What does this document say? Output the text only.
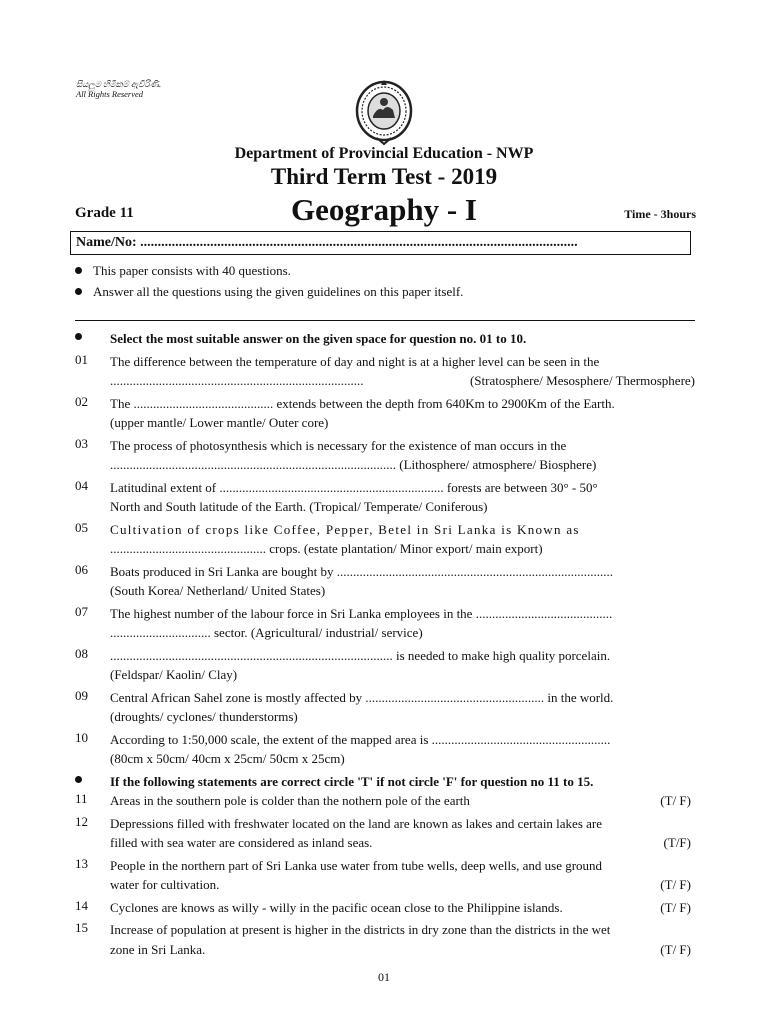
සියලුම හිමිකම් ඇවිරිණි.
All Rights Reserved
Department of Provincial Education - NWP
Third Term Test - 2019
Geography - I
Grade 11	Time - 3hours
Name/No: .............................................................................................................................
This paper consists with 40 questions.
Answer all the questions using the given guidelines on this paper itself.
Select the most suitable answer on the given space for question no. 01 to 10.
01 The difference between the temperature of day and night is at a higher level can be seen in the
..............................................................................	(Stratosphere/ Mesosphere/ Thermosphere)
02 The ........................................... extends between the depth from 640Km to 2900Km of the Earth.
(upper mantle/ Lower mantle/ Outer core)
03 The process of photosynthesis which is necessary for the existence of man occurs in the
........................................................................................ (Lithosphere/ atmosphere/ Biosphere)
04 Latitudinal extent of ..................................................................... forests are between 30° - 50°
North and South latitude of the Earth. (Tropical/ Temperate/ Coniferous)
05 Cultivation of crops like Coffee, Pepper, Betel in Sri Lanka is Known as
................................................ crops. (estate plantation/ Minor export/ main export)
06 Boats produced in Sri Lanka are bought by .....................................................................................
(South Korea/ Netherland/ United States)
07 The highest number of the labour force in Sri Lanka employees in the ..........................................
............................... sector. (Agricultural/ industrial/ service)
08 ....................................................................................... is needed to make high quality porcelain.
(Feldspar/ Kaolin/ Clay)
09 Central African Sahel zone is mostly affected by ....................................................... in the world.
(droughts/ cyclones/ thunderstorms)
10 According to 1:50,000 scale, the extent of the mapped area is .......................................................
(80cm x 50cm/ 40cm x 25cm/ 50cm x 25cm)
If the following statements are correct circle 'T' if not circle 'F' for question no 11 to 15.
11 Areas in the southern pole is colder than the nothern pole of the earth	(T/ F)
12 Depressions filled with freshwater located on the land are known as lakes and certain lakes are
filled with sea water are considered as inland seas.	(T/F)
13 People in the northern part of Sri Lanka use water from tube wells, deep wells, and use ground
water for cultivation.	(T/ F)
14 Cyclones are knows as willy - willy in the pacific ocean close to the Philippine islands.	(T/ F)
15 Increase of population at present is higher in the districts in dry zone than the districts in the wet
zone in Sri Lanka.	(T/ F)
01
